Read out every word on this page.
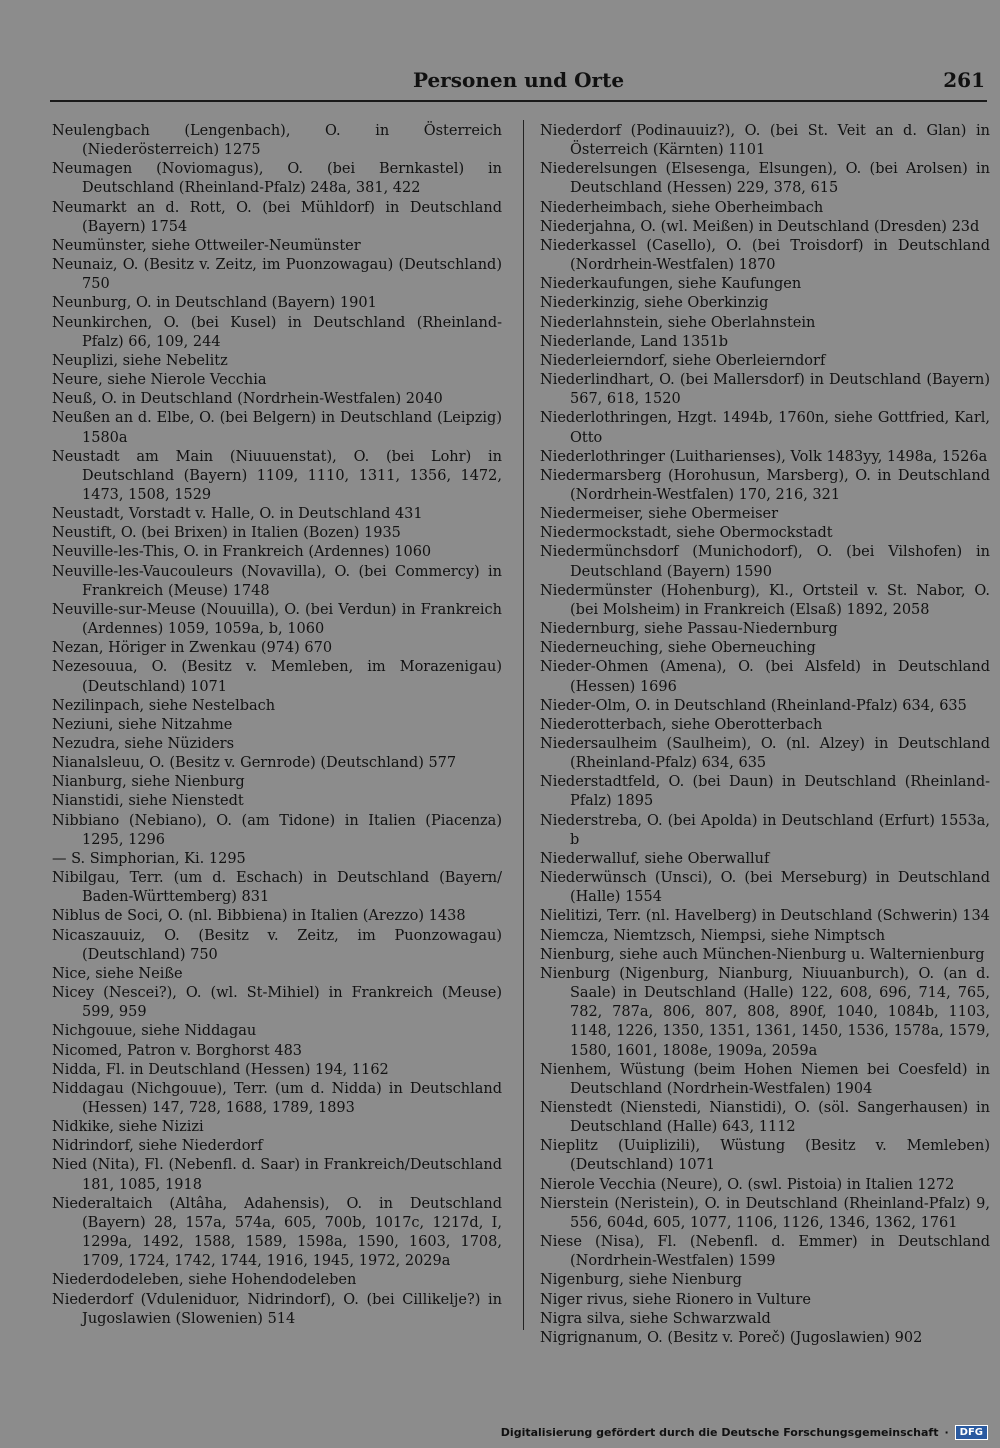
Personen und Orte	261

Neulengbach (Lengenbach), O. in Österreich (Niederösterreich) 1275

Neumagen (Noviomagus), O. (bei Bernkastel) in Deutschland (Rheinland-Pfalz) 248a, 381, 422

Neumarkt an d. Rott, O. (bei Mühldorf) in Deutschland (Bayern) 1754

Neumünster, siehe Ottweiler-Neumünster

Neunaiz, O. (Besitz v. Zeitz, im Puonzowagau) (Deutschland) 750

Neunburg, O. in Deutschland (Bayern) 1901

Neunkirchen, O. (bei Kusel) in Deutschland (Rheinland-Pfalz) 66, 109, 244

Neuplizi, siehe Nebelitz

Neure, siehe Nierole Vecchia

Neuß, O. in Deutschland (Nordrhein-Westfalen) 2040

Neußen an d. Elbe, O. (bei Belgern) in Deutschland (Leipzig) 1580a

Neustadt am Main (Niuuuenstat), O. (bei Lohr) in Deutschland (Bayern) 1109, 1110, 1311, 1356, 1472, 1473, 1508, 1529

Neustadt, Vorstadt v. Halle, O. in Deutschland 431

Neustift, O. (bei Brixen) in Italien (Bozen) 1935

Neuville-les-This, O. in Frankreich (Ardennes) 1060

Neuville-les-Vaucouleurs (Novavilla), O. (bei Commercy) in Frankreich (Meuse) 1748

Neuville-sur-Meuse (Nouuilla), O. (bei Verdun) in Frankreich (Ardennes) 1059, 1059a, b, 1060

Nezan, Höriger in Zwenkau (974) 670

Nezesouua, O. (Besitz v. Memleben, im Morazenigau) (Deutschland) 1071

Nezilinpach, siehe Nestelbach

Neziuni, siehe Nitzahme

Nezudra, siehe Nüziders

Nianalsleuu, O. (Besitz v. Gernrode) (Deutschland) 577

Nianburg, siehe Nienburg

Nianstidi, siehe Nienstedt

Nibbiano (Nebiano), O. (am Tidone) in Italien (Piacenza) 1295, 1296

— S. Simphorian, Ki. 1295

Nibilgau, Terr. (um d. Eschach) in Deutschland (Bayern/ Baden-Württemberg) 831

Niblus de Soci, O. (nl. Bibbiena) in Italien (Arezzo) 1438

Nicaszauuiz, O. (Besitz v. Zeitz, im Puonzowagau) (Deutschland) 750

Nice, siehe Neiße

Nicey (Nescei?), O. (wl. St-Mihiel) in Frankreich (Meuse) 599, 959

Nichgouue, siehe Niddagau

Nicomed, Patron v. Borghorst 483

Nidda, Fl. in Deutschland (Hessen) 194, 1162

Niddagau (Nichgouue), Terr. (um d. Nidda) in Deutschland (Hessen) 147, 728, 1688, 1789, 1893

Nidkike, siehe Nizizi

Nidrindorf, siehe Niederdorf

Nied (Nita), Fl. (Nebenfl. d. Saar) in Frankreich/Deutschland 181, 1085, 1918

Niederaltaich (Altâha, Adahensis), O. in Deutschland (Bayern) 28, 157a, 574a, 605, 700b, 1017c, 1217d, I, 1299a, 1492, 1588, 1589, 1598a, 1590, 1603, 1708, 1709, 1724, 1742, 1744, 1916, 1945, 1972, 2029a

Niederdodeleben, siehe Hohendodeleben

Niederdorf (Vduleniduor, Nidrindorf), O. (bei Cillikelje?) in Jugoslawien (Slowenien) 514

Niederdorf (Podinauuiz?), O. (bei St. Veit an d. Glan) in Österreich (Kärnten) 1101

Niederelsungen (Elsesenga, Elsungen), O. (bei Arolsen) in Deutschland (Hessen) 229, 378, 615

Niederheimbach, siehe Oberheimbach

Niederjahna, O. (wl. Meißen) in Deutschland (Dresden) 23d

Niederkassel (Casello), O. (bei Troisdorf) in Deutschland (Nordrhein-Westfalen) 1870

Niederkaufungen, siehe Kaufungen

Niederkinzig, siehe Oberkinzig

Niederlahnstein, siehe Oberlahnstein

Niederlande, Land 1351b

Niederleierndorf, siehe Oberleierndorf

Niederlindhart, O. (bei Mallersdorf) in Deutschland (Bayern) 567, 618, 1520

Niederlothringen, Hzgt. 1494b, 1760n, siehe Gottfried, Karl, Otto

Niederlothringer (Luitharienses), Volk 1483yy, 1498a, 1526a

Niedermarsberg (Horohusun, Marsberg), O. in Deutschland (Nordrhein-Westfalen) 170, 216, 321

Niedermeiser, siehe Obermeiser

Niedermockstadt, siehe Obermockstadt

Niedermünchsdorf (Munichodorf), O. (bei Vilshofen) in Deutschland (Bayern) 1590

Niedermünster (Hohenburg), Kl., Ortsteil v. St. Nabor, O. (bei Molsheim) in Frankreich (Elsaß) 1892, 2058

Niedernburg, siehe Passau-Niedernburg

Niederneuching, siehe Oberneuching

Nieder-Ohmen (Amena), O. (bei Alsfeld) in Deutschland (Hessen) 1696

Nieder-Olm, O. in Deutschland (Rheinland-Pfalz) 634, 635

Niederotterbach, siehe Oberotterbach

Niedersaulheim (Saulheim), O. (nl. Alzey) in Deutschland (Rheinland-Pfalz) 634, 635

Niederstadtfeld, O. (bei Daun) in Deutschland (Rheinland-Pfalz) 1895

Niederstreba, O. (bei Apolda) in Deutschland (Erfurt) 1553a, b

Niederwalluf, siehe Oberwalluf

Niederwünsch (Unsci), O. (bei Merseburg) in Deutschland (Halle) 1554

Nielitizi, Terr. (nl. Havelberg) in Deutschland (Schwerin) 134

Niemcza, Niemtzsch, Niempsi, siehe Nimptsch

Nienburg, siehe auch München-Nienburg u. Walternienburg

Nienburg (Nigenburg, Nianburg, Niuuanburch), O. (an d. Saale) in Deutschland (Halle) 122, 608, 696, 714, 765, 782, 787a, 806, 807, 808, 890f, 1040, 1084b, 1103, 1148, 1226, 1350, 1351, 1361, 1450, 1536, 1578a, 1579, 1580, 1601, 1808e, 1909a, 2059a

Nienhem, Wüstung (beim Hohen Niemen bei Coesfeld) in Deutschland (Nordrhein-Westfalen) 1904

Nienstedt (Nienstedi, Nianstidi), O. (söl. Sangerhausen) in Deutschland (Halle) 643, 1112

Nieplitz (Uuiplizili), Wüstung (Besitz v. Memleben) (Deutschland) 1071

Nierole Vecchia (Neure), O. (swl. Pistoia) in Italien 1272

Nierstein (Neristein), O. in Deutschland (Rheinland-Pfalz) 9, 556, 604d, 605, 1077, 1106, 1126, 1346, 1362, 1761

Niese (Nisa), Fl. (Nebenfl. d. Emmer) in Deutschland (Nordrhein-Westfalen) 1599

Nigenburg, siehe Nienburg

Niger rivus, siehe Rionero in Vulture

Nigra silva, siehe Schwarzwald

Nigrignanum, O. (Besitz v. Poreč) (Jugoslawien) 902

Digitalisierung gefördert durch die Deutsche Forschungsgemeinschaft ·	DFG
